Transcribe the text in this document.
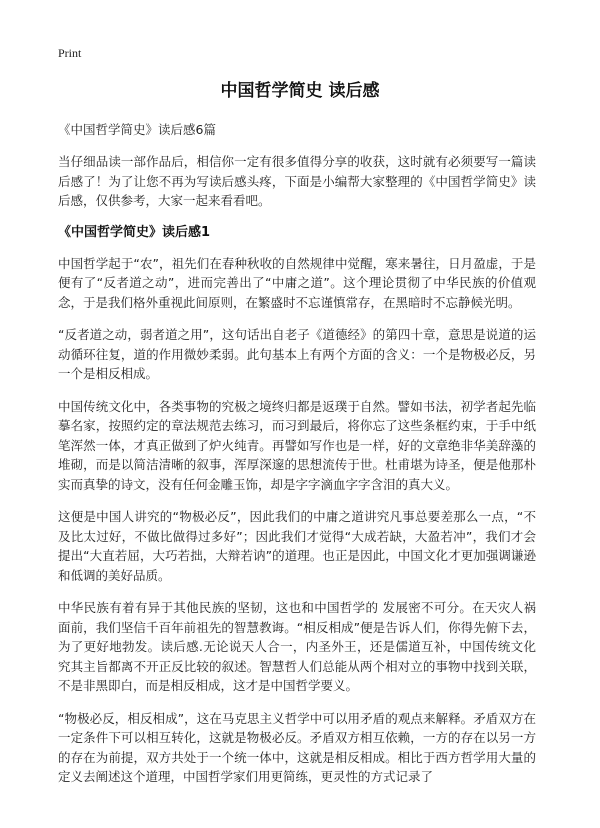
Print
中国哲学简史 读后感
《中国哲学简史》读后感6篇

当仔细品读一部作品后，相信你一定有很多值得分享的收获，这时就有必须要写一篇读后感了！为了让您不再为写读后感头疼，下面是小编帮大家整理的《中国哲学简史》读后感，仅供参考，大家一起来看看吧。

《中国哲学简史》读后感1

中国哲学起于“农”，祖先们在春种秋收的自然规律中觉醒，寒来暑往，日月盈虚，于是便有了“反者道之动”，进而完善出了“中庸之道”。这个理论贯彻了中华民族的价值观念，于是我们格外重视此间原则，在繁盛时不忘谨慎常存，在黑暗时不忘静候光明。

“反者道之动，弱者道之用”，这句话出自老子《道德经》的第四十章，意思是说道的运动循环往复，道的作用微妙柔弱。此句基本上有两个方面的含义：一个是物极必反，另一个是相反相成。

中国传统文化中，各类事物的究极之境终归都是返璞于自然。譬如书法，初学者起先临摹名家，按照约定的章法规范去练习，而习到最后，将你忘了这些条框约束，于手中纸笔浑然一体，才真正做到了炉火纯青。再譬如写作也是一样，好的文章绝非华美辞藻的堆砌，而是以简洁清晰的叙事，浑厚深邃的思想流传于世。杜甫堪为诗圣，便是他那朴实而真挚的诗文，没有任何金雕玉饰，却是字字滴血字字含泪的真大义。

这便是中国人讲究的“物极必反”，因此我们的中庸之道讲究凡事总要差那么一点，“不及比太过好，不做比做得过多好”；因此我们才觉得“大成若缺，大盈若冲”，我们才会提出“大直若屈，大巧若拙，大辩若讷”的道理。也正是因此，中国文化才更加强调谦逊和低调的美好品质。

中华民族有着有异于其他民族的坚韧，这也和中国哲学的 发展密不可分。在天灾人祸面前，我们坚信千百年前祖先的智慧教诲。“相反相成”便是告诉人们，你得先俯下去，为了更好地勃发。读后感.无论说天人合一，内圣外王，还是儒道互补，中国传统文化究其主旨都离不开正反比较的叙述。智慧哲人们总能从两个相对立的事物中找到关联，不是非黑即白，而是相反相成，这才是中国哲学要义。

“物极必反，相反相成”，这在马克思主义哲学中可以用矛盾的观点来解释。矛盾双方在一定条件下可以相互转化，这就是物极必反。矛盾双方相互依赖，一方的存在以另一方的存在为前提，双方共处于一个统一体中，这就是相反相成。相比于西方哲学用大量的定义去阐述这个道理，中国哲学家们用更简练，更灵性的方式记录了
